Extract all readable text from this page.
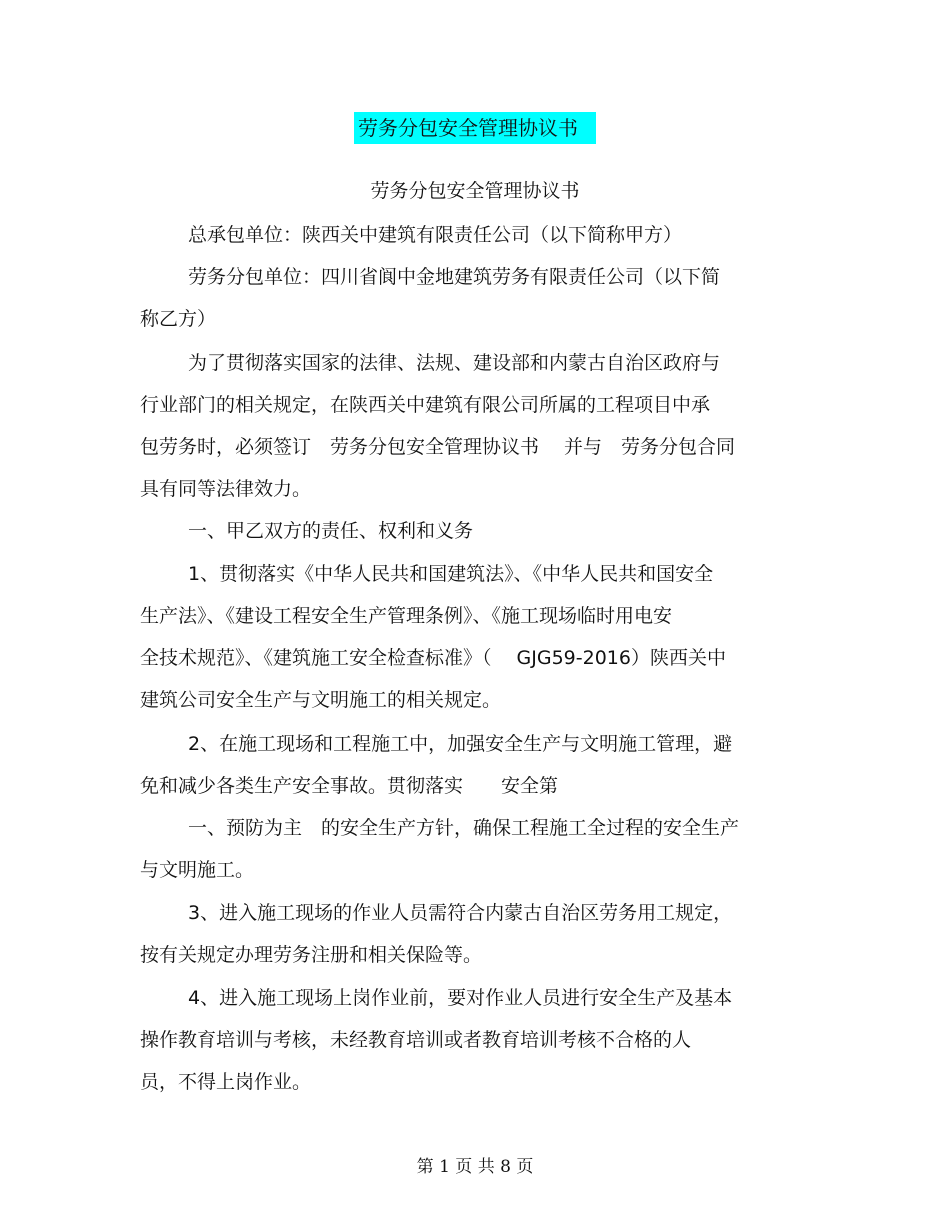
劳务分包安全管理协议书
劳务分包安全管理协议书
总承包单位：陕西关中建筑有限责任公司（以下简称甲方）
劳务分包单位：四川省阆中金地建筑劳务有限责任公司（以下简
称乙方）
为了贯彻落实国家的法律、法规、建设部和内蒙古自治区政府与
行业部门的相关规定，在陕西关中建筑有限公司所属的工程项目中承
包劳务时，必须签订　劳务分包安全管理协议书　 并与　劳务分包合同
具有同等法律效力。
一、甲乙双方的责任、权利和义务
1、贯彻落实《中华人民共和国建筑法》、《中华人民共和国安全
生产法》、《建设工程安全生产管理条例》、《施工现场临时用电安
全技术规范》、《建筑施工安全检查标准》（　 GJG59-2016）陕西关中
建筑公司安全生产与文明施工的相关规定。
2、在施工现场和工程施工中，加强安全生产与文明施工管理，避
免和减少各类生产安全事故。贯彻落实　　安全第
一、预防为主　的安全生产方针，确保工程施工全过程的安全生产
与文明施工。
3、进入施工现场的作业人员需符合内蒙古自治区劳务用工规定，
按有关规定办理劳务注册和相关保险等。
4、进入施工现场上岗作业前，要对作业人员进行安全生产及基本
操作教育培训与考核，未经教育培训或者教育培训考核不合格的人
员，不得上岗作业。
第 1 页 共 8 页
